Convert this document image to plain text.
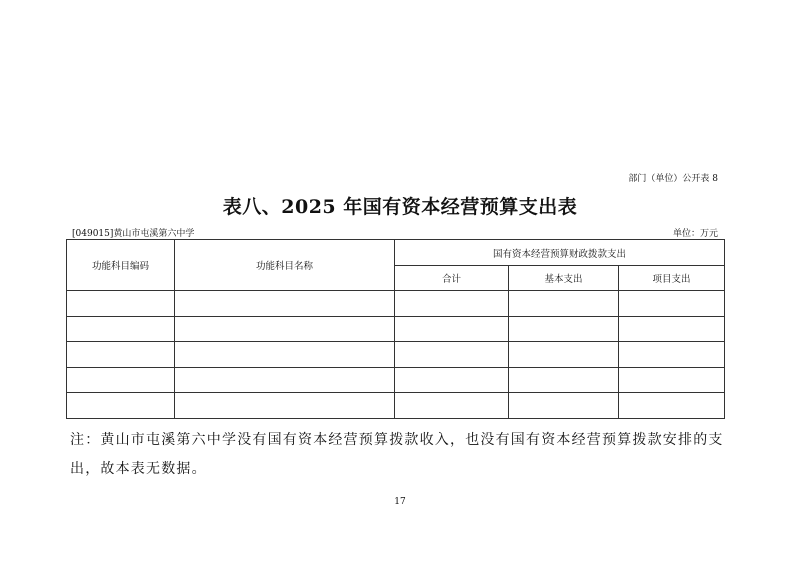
部门（单位）公开表 8
表八、2025 年国有资本经营预算支出表
[049015]黄山市屯溪第六中学	单位：万元
功能科目编码	功能科目名称	国有资本经营预算财政拨款支出		
		合计	基本支出	项目支出

注：黄山市屯溪第六中学没有国有资本经营预算拨款收入，也没有国有资本经营预算拨款安排的支出，故本表无数据。
17
